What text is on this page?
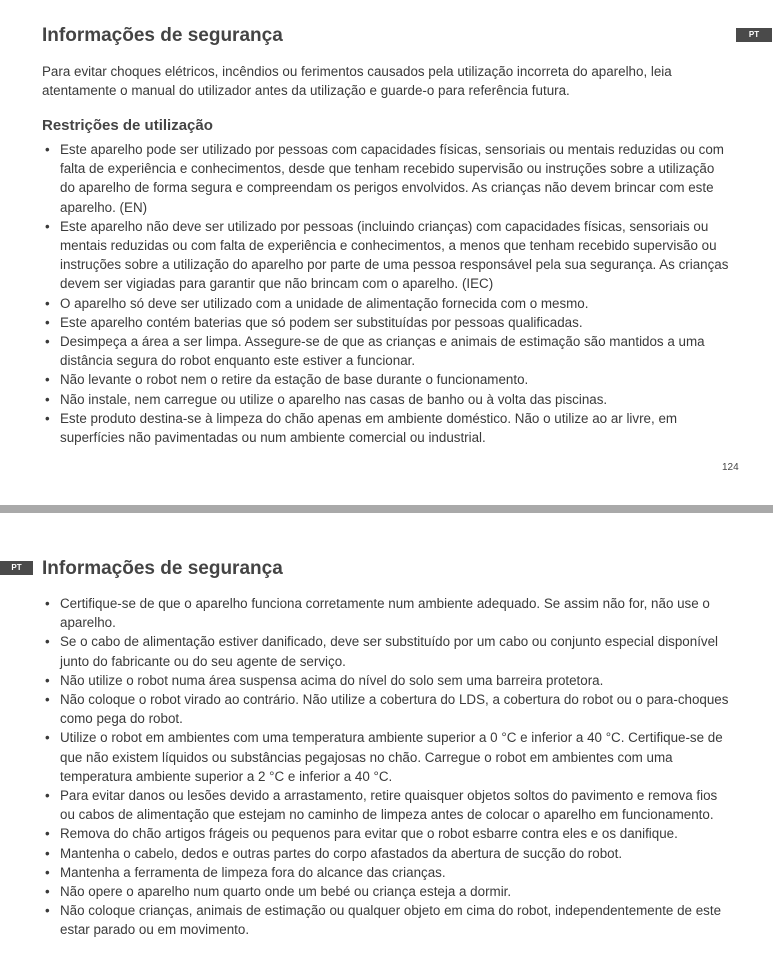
Informações de segurança	PT

Para evitar choques elétricos, incêndios ou ferimentos causados pela utilização incorreta do aparelho, leia atentamente o manual do utilizador antes da utilização e guarde-o para referência futura.

Restrições de utilização
• Este aparelho pode ser utilizado por pessoas com capacidades físicas, sensoriais ou mentais reduzidas ou com falta de experiência e conhecimentos, desde que tenham recebido supervisão ou instruções sobre a utilização do aparelho de forma segura e compreendam os perigos envolvidos. As crianças não devem brincar com este aparelho. (EN)
• Este aparelho não deve ser utilizado por pessoas (incluindo crianças) com capacidades físicas, sensoriais ou mentais reduzidas ou com falta de experiência e conhecimentos, a menos que tenham recebido supervisão ou instruções sobre a utilização do aparelho por parte de uma pessoa responsável pela sua segurança. As crianças devem ser vigiadas para garantir que não brincam com o aparelho. (IEC)
• O aparelho só deve ser utilizado com a unidade de alimentação fornecida com o mesmo.
• Este aparelho contém baterias que só podem ser substituídas por pessoas qualificadas.
• Desimpeça a área a ser limpa. Assegure-se de que as crianças e animais de estimação são mantidos a uma distância segura do robot enquanto este estiver a funcionar.
• Não levante o robot nem o retire da estação de base durante o funcionamento.
• Não instale, nem carregue ou utilize o aparelho nas casas de banho ou à volta das piscinas.
• Este produto destina-se à limpeza do chão apenas em ambiente doméstico. Não o utilize ao ar livre, em superfícies não pavimentadas ou num ambiente comercial ou industrial.
124
PT	Informações de segurança
• Certifique-se de que o aparelho funciona corretamente num ambiente adequado. Se assim não for, não use o aparelho.
• Se o cabo de alimentação estiver danificado, deve ser substituído por um cabo ou conjunto especial disponível junto do fabricante ou do seu agente de serviço.
• Não utilize o robot numa área suspensa acima do nível do solo sem uma barreira protetora.
• Não coloque o robot virado ao contrário. Não utilize a cobertura do LDS, a cobertura do robot ou o para-choques como pega do robot.
• Utilize o robot em ambientes com uma temperatura ambiente superior a 0 °C e inferior a 40 °C. Certifique-se de que não existem líquidos ou substâncias pegajosas no chão. Carregue o robot em ambientes com uma temperatura ambiente superior a 2 °C e inferior a 40 °C.
• Para evitar danos ou lesões devido a arrastamento, retire quaisquer objetos soltos do pavimento e remova fios ou cabos de alimentação que estejam no caminho de limpeza antes de colocar o aparelho em funcionamento.
• Remova do chão artigos frágeis ou pequenos para evitar que o robot esbarre contra eles e os danifique.
• Mantenha o cabelo, dedos e outras partes do corpo afastados da abertura de sucção do robot.
• Mantenha a ferramenta de limpeza fora do alcance das crianças.
• Não opere o aparelho num quarto onde um bebé ou criança esteja a dormir.
• Não coloque crianças, animais de estimação ou qualquer objeto em cima do robot, independentemente de este estar parado ou em movimento.
